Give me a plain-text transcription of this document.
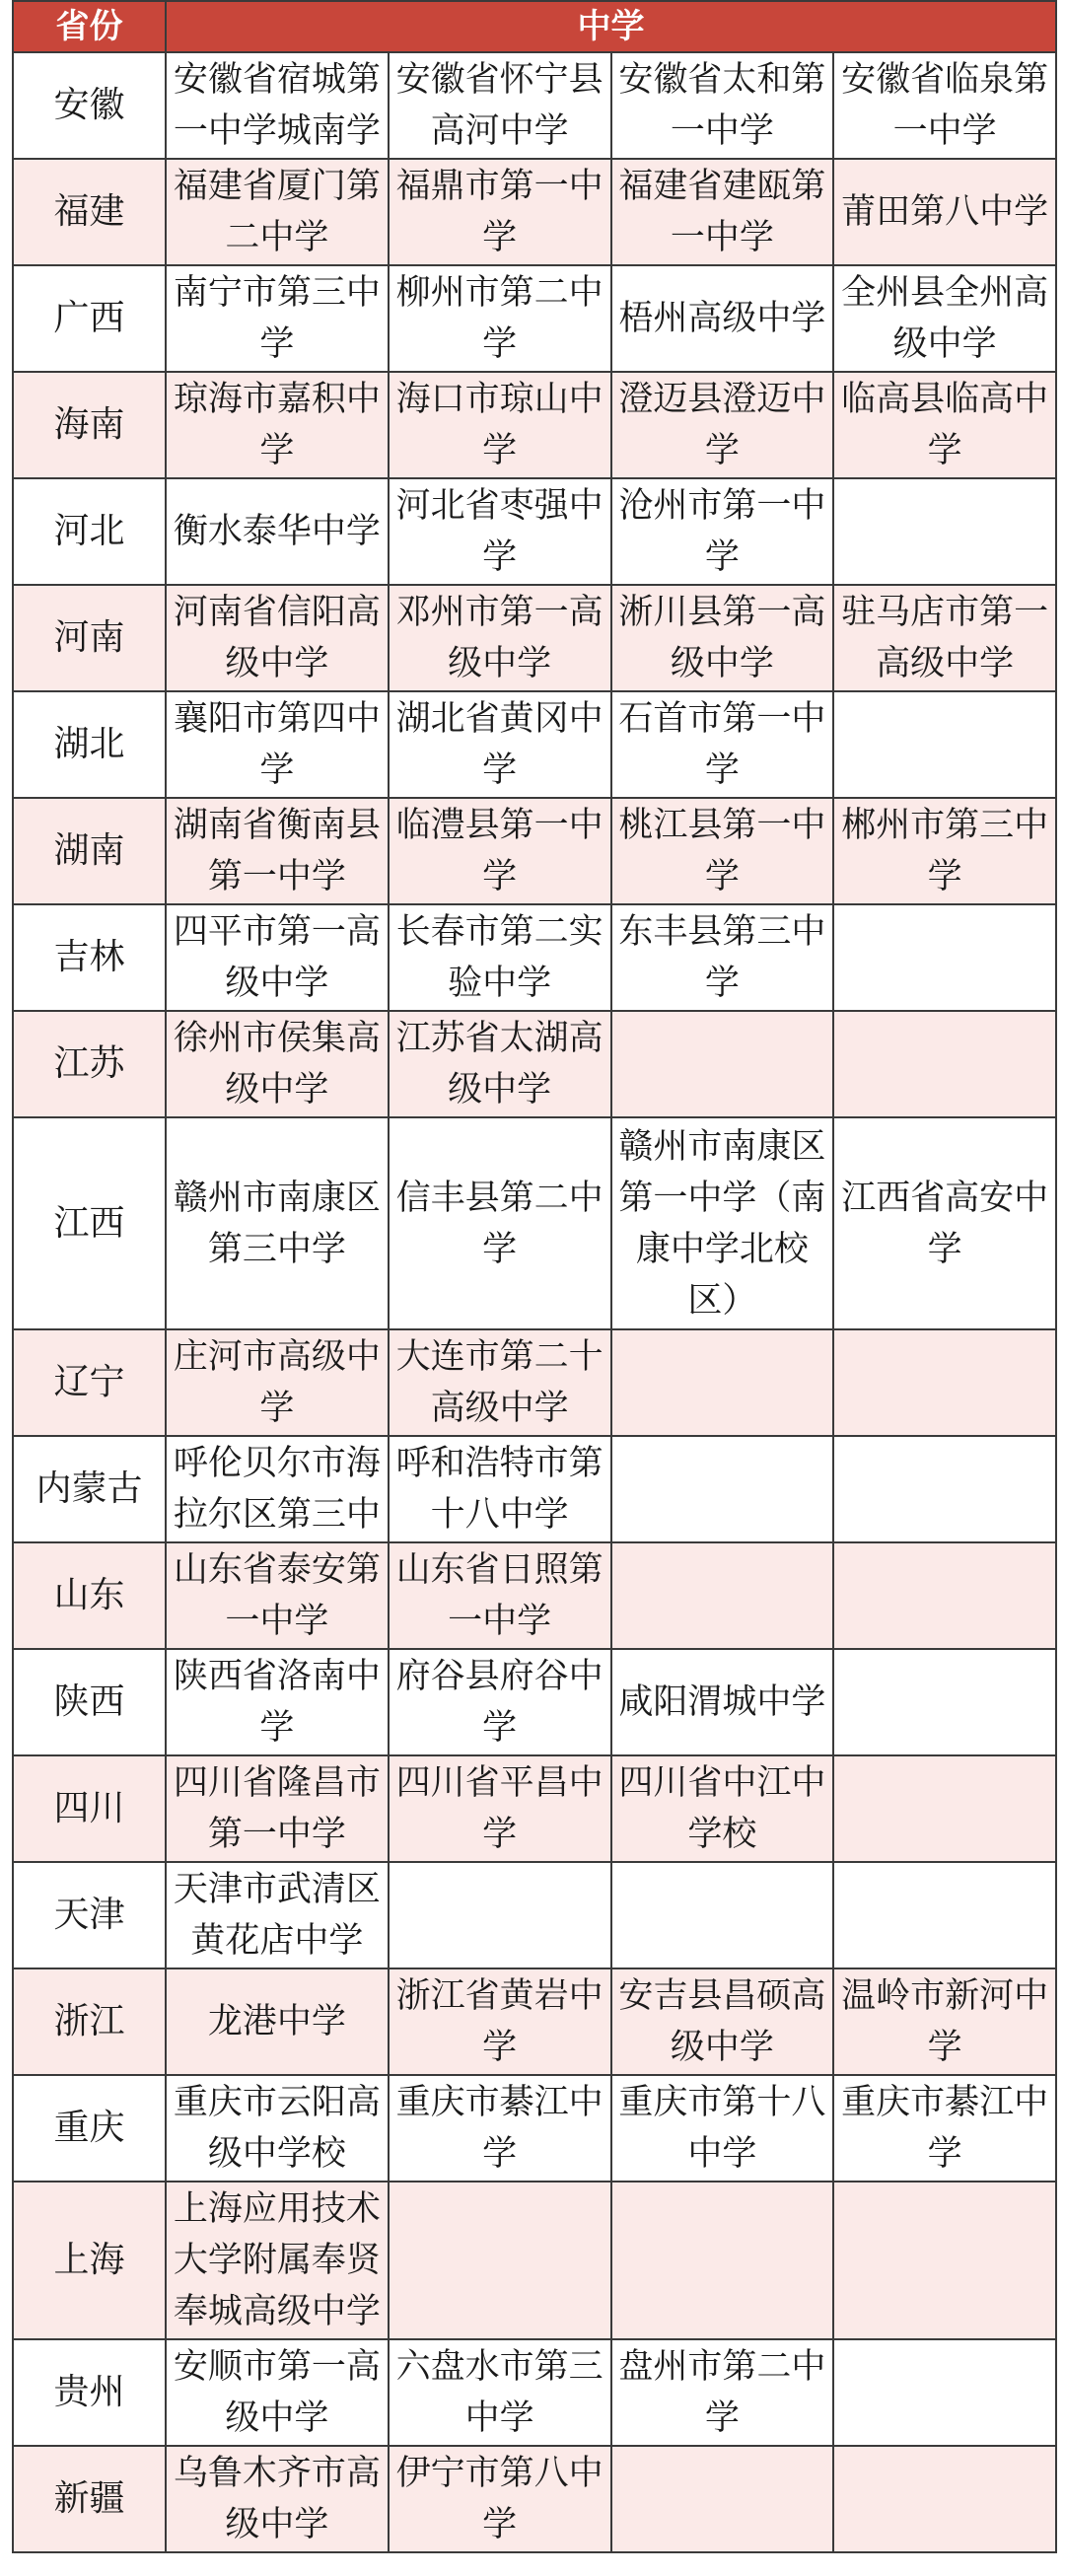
省份	中学			
安徽	安徽省宿城第一中学城南学	安徽省怀宁县高河中学	安徽省太和第一中学	安徽省临泉第一中学
福建	福建省厦门第二中学	福鼎市第一中学	福建省建瓯第一中学	莆田第八中学
广西	南宁市第三中学	柳州市第二中学	梧州高级中学	全州县全州高级中学
海南	琼海市嘉积中学	海口市琼山中学	澄迈县澄迈中学	临高县临高中学
河北	衡水泰华中学	河北省枣强中学	沧州市第一中学	
河南	河南省信阳高级中学	邓州市第一高级中学	淅川县第一高级中学	驻马店市第一高级中学
湖北	襄阳市第四中学	湖北省黄冈中学	石首市第一中学	
湖南	湖南省衡南县第一中学	临澧县第一中学	桃江县第一中学	郴州市第三中学
吉林	四平市第一高级中学	长春市第二实验中学	东丰县第三中学	
江苏	徐州市侯集高级中学	江苏省太湖高级中学		
江西	赣州市南康区第三中学	信丰县第二中学	赣州市南康区第一中学（南康中学北校区）	江西省高安中学
辽宁	庄河市高级中学	大连市第二十高级中学		
内蒙古	呼伦贝尔市海拉尔区第三中	呼和浩特市第十八中学		
山东	山东省泰安第一中学	山东省日照第一中学		
陕西	陕西省洛南中学	府谷县府谷中学	咸阳渭城中学	
四川	四川省隆昌市第一中学	四川省平昌中学	四川省中江中学校	
天津	天津市武清区黄花店中学			
浙江	龙港中学	浙江省黄岩中学	安吉县昌硕高级中学	温岭市新河中学
重庆	重庆市云阳高级中学校	重庆市綦江中学	重庆市第十八中学	重庆市綦江中学
上海	上海应用技术大学附属奉贤奉城高级中学			
贵州	安顺市第一高级中学	六盘水市第三中学	盘州市第二中学	
新疆	乌鲁木齐市高级中学	伊宁市第八中学		
